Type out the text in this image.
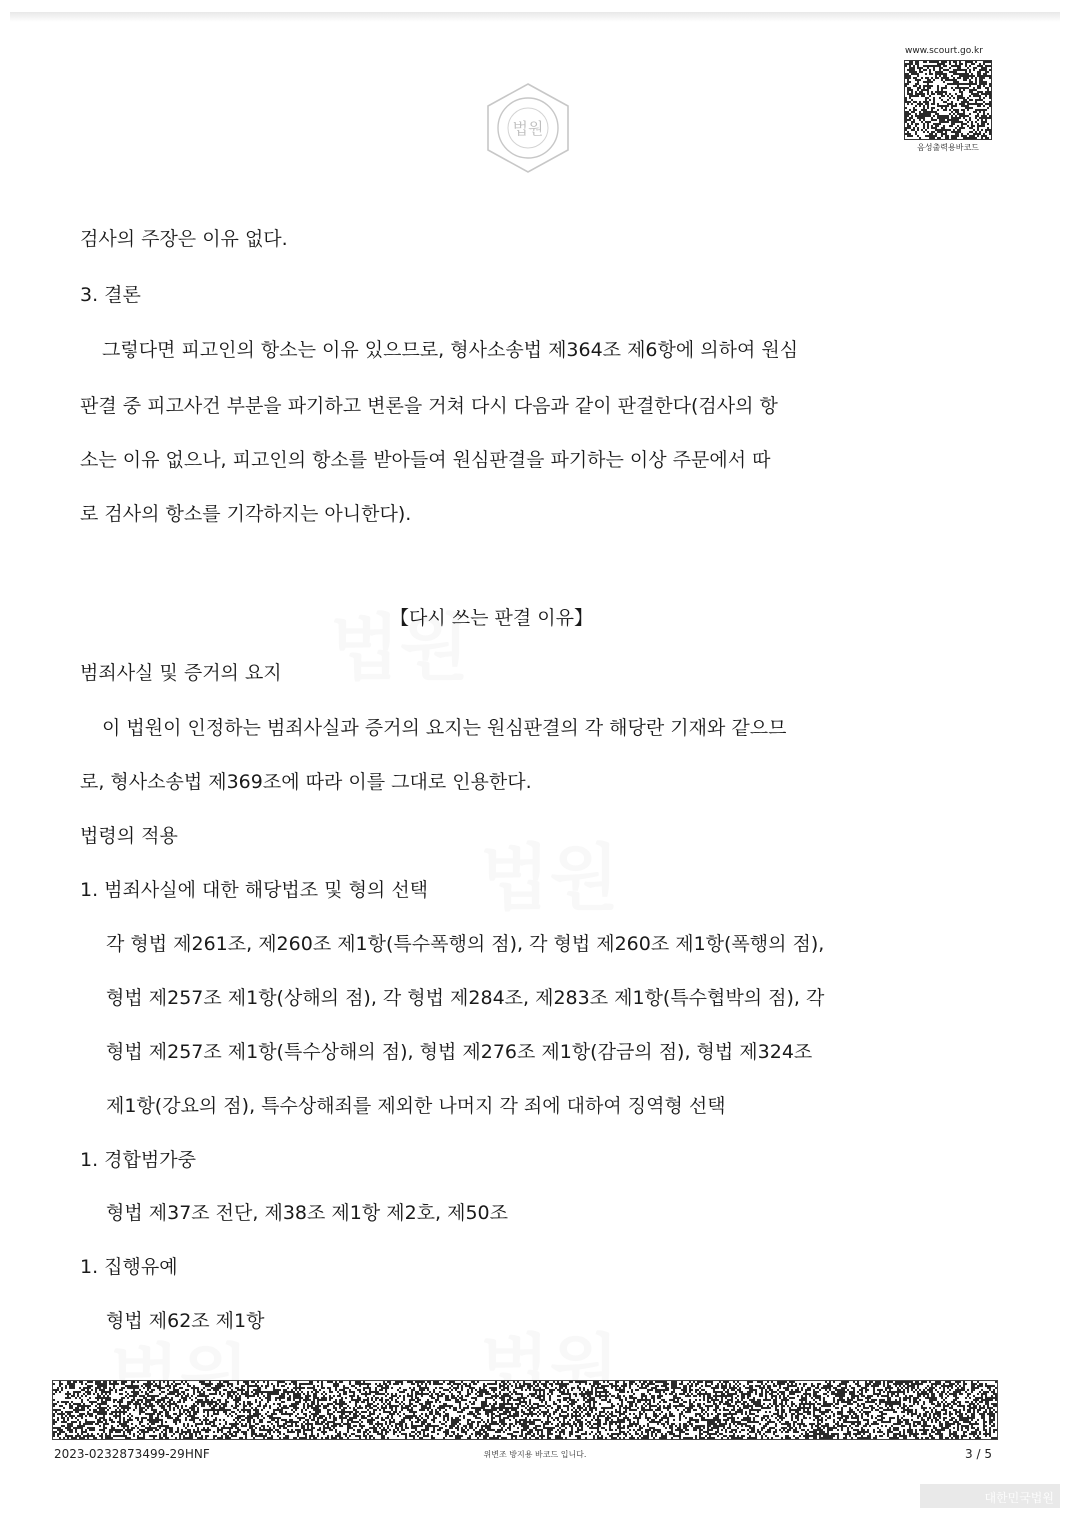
www.scourt.go.kr
음성출력용바코드
법원
검사의 주장은 이유 없다.
3. 결론
그렇다면 피고인의 항소는 이유 있으므로, 형사소송법 제364조 제6항에 의하여 원심
판결 중 피고사건 부분을 파기하고 변론을 거쳐 다시 다음과 같이 판결한다(검사의 항
소는 이유 없으나, 피고인의 항소를 받아들여 원심판결을 파기하는 이상 주문에서 따
로 검사의 항소를 기각하지는 아니한다).
【다시 쓰는 판결 이유】
범죄사실 및 증거의 요지
이 법원이 인정하는 범죄사실과 증거의 요지는 원심판결의 각 해당란 기재와 같으므
로, 형사소송법 제369조에 따라 이를 그대로 인용한다.
법령의 적용
1. 범죄사실에 대한 해당법조 및 형의 선택
각 형법 제261조, 제260조 제1항(특수폭행의 점), 각 형법 제260조 제1항(폭행의 점),
형법 제257조 제1항(상해의 점), 각 형법 제284조, 제283조 제1항(특수협박의 점), 각
형법 제257조 제1항(특수상해의 점), 형법 제276조 제1항(감금의 점), 형법 제324조
제1항(강요의 점), 특수상해죄를 제외한 나머지 각 죄에 대하여 징역형 선택
1. 경합범가중
형법 제37조 전단, 제38조 제1항 제2호, 제50조
1. 집행유예
형법 제62조 제1항
2023-0232873499-29HNF	위변조 방지용 바코드 입니다.	3 / 5
대한민국법원
